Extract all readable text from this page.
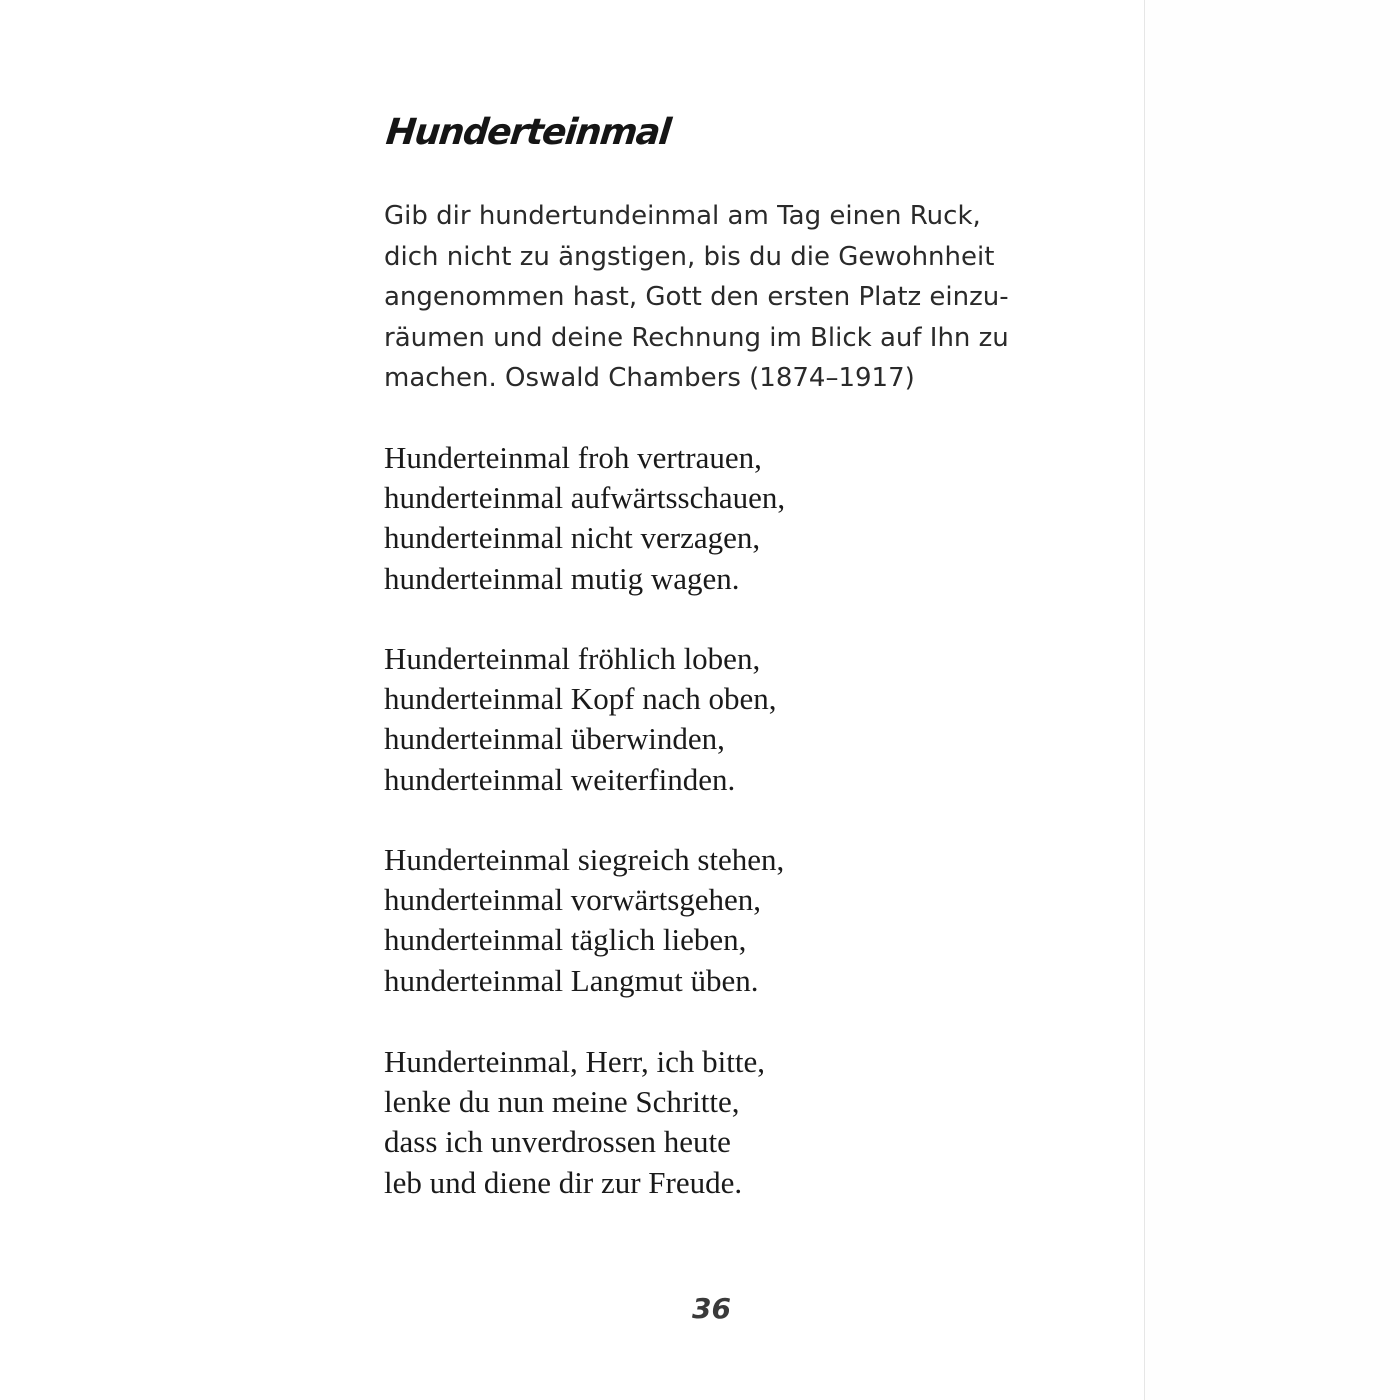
Hunderteinmal

Gib dir hundertundeinmal am Tag einen Ruck,
dich nicht zu ängstigen, bis du die Gewohnheit
angenommen hast, Gott den ersten Platz einzu-
räumen und deine Rechnung im Blick auf Ihn zu
machen. Oswald Chambers (1874–1917)

Hunderteinmal froh vertrauen,
hunderteinmal aufwärtsschauen,
hunderteinmal nicht verzagen,
hunderteinmal mutig wagen.

Hunderteinmal fröhlich loben,
hunderteinmal Kopf nach oben,
hunderteinmal überwinden,
hunderteinmal weiterfinden.

Hunderteinmal siegreich stehen,
hunderteinmal vorwärtsgehen,
hunderteinmal täglich lieben,
hunderteinmal Langmut üben.

Hunderteinmal, Herr, ich bitte,
lenke du nun meine Schritte,
dass ich unverdrossen heute
leb und diene dir zur Freude.

36
